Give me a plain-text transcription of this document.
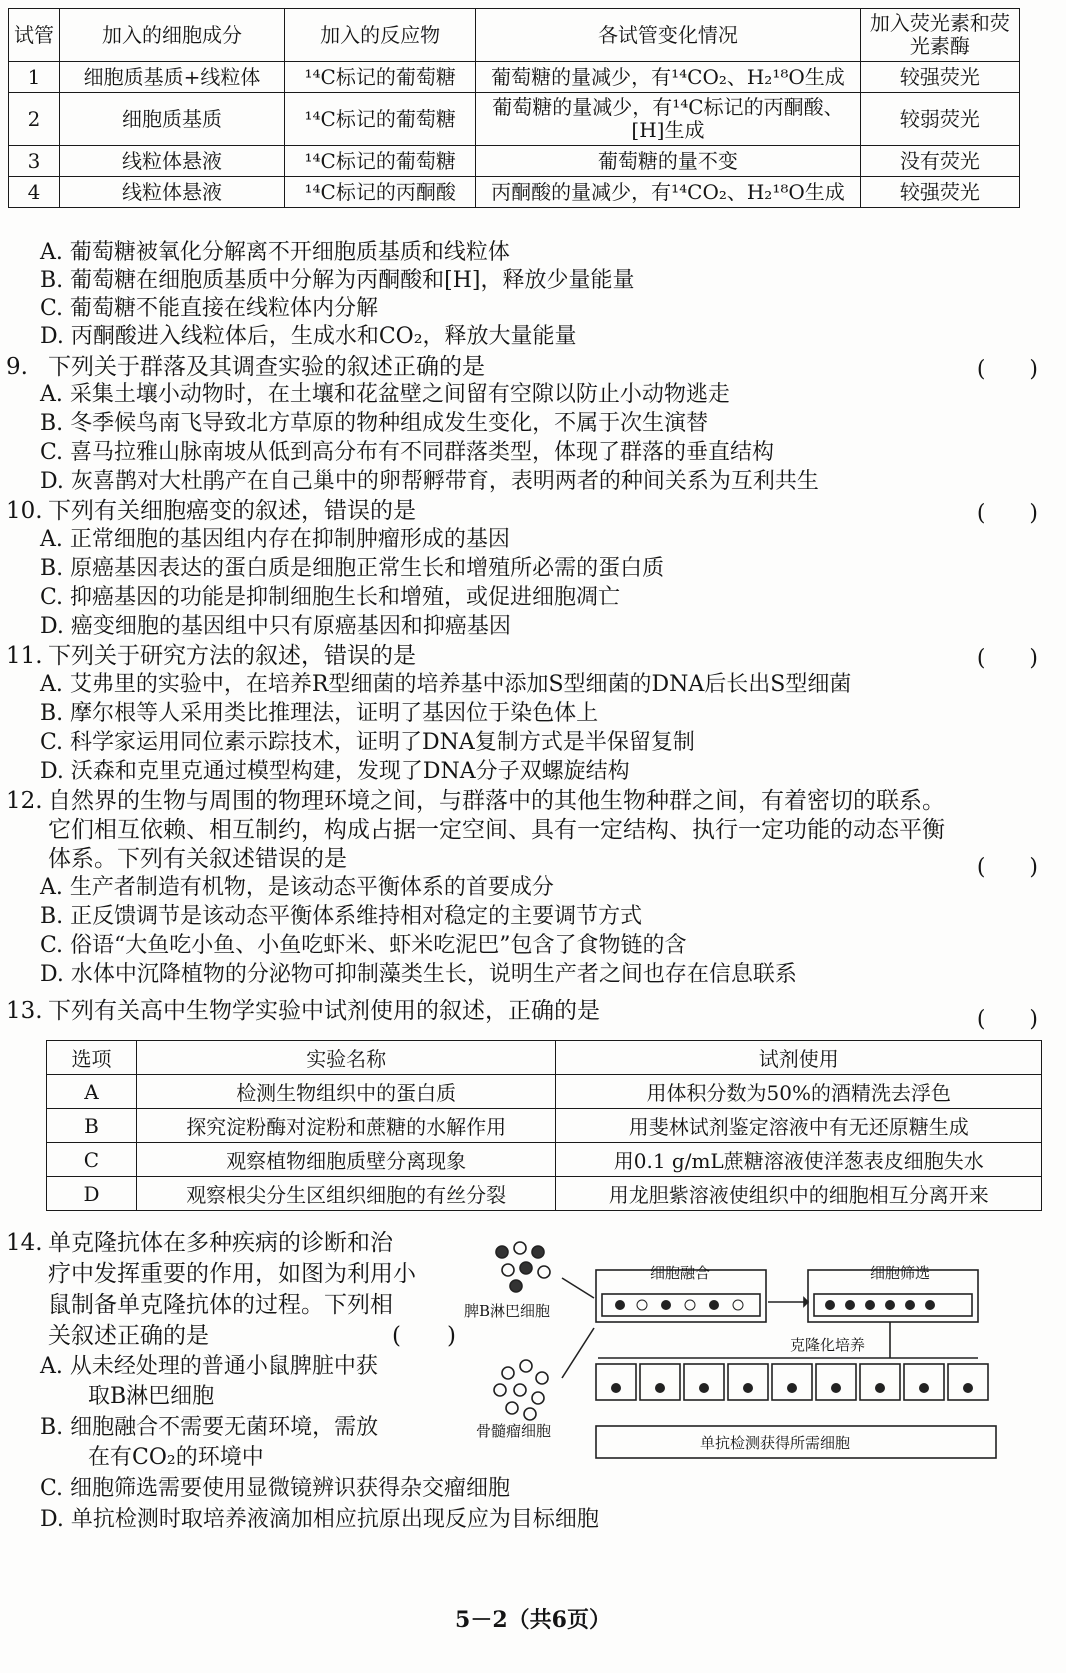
试管	加入的细胞成分	加入的反应物	各试管变化情况	加入荧光素和荧光素酶
1	细胞质基质+线粒体	¹⁴C标记的葡萄糖	葡萄糖的量减少，有¹⁴CO₂、H₂¹⁸O生成	较强荧光
2	细胞质基质	¹⁴C标记的葡萄糖	葡萄糖的量减少，有¹⁴C标记的丙酮酸、[H]生成	较弱荧光
3	线粒体悬液	¹⁴C标记的葡萄糖	葡萄糖的量不变	没有荧光
4	线粒体悬液	¹⁴C标记的丙酮酸	丙酮酸的量减少，有¹⁴CO₂、H₂¹⁸O生成	较强荧光
A. 葡萄糖被氧化分解离不开细胞质基质和线粒体
B. 葡萄糖在细胞质基质中分解为丙酮酸和[H]，释放少量能量
C. 葡萄糖不能直接在线粒体内分解
D. 丙酮酸进入线粒体后，生成水和CO₂，释放大量能量
9. 下列关于群落及其调查实验的叙述正确的是	(　　)
A. 采集土壤小动物时，在土壤和花盆壁之间留有空隙以防止小动物逃走
B. 冬季候鸟南飞导致北方草原的物种组成发生变化，不属于次生演替
C. 喜马拉雅山脉南坡从低到高分布有不同群落类型，体现了群落的垂直结构
D. 灰喜鹊对大杜鹃产在自己巢中的卵帮孵带育，表明两者的种间关系为互利共生
10. 下列有关细胞癌变的叙述，错误的是	(　　)
A. 正常细胞的基因组内存在抑制肿瘤形成的基因
B. 原癌基因表达的蛋白质是细胞正常生长和增殖所必需的蛋白质
C. 抑癌基因的功能是抑制细胞生长和增殖，或促进细胞凋亡
D. 癌变细胞的基因组中只有原癌基因和抑癌基因
11. 下列关于研究方法的叙述，错误的是	(　　)
A. 艾弗里的实验中，在培养R型细菌的培养基中添加S型细菌的DNA后长出S型细菌
B. 摩尔根等人采用类比推理法，证明了基因位于染色体上
C. 科学家运用同位素示踪技术，证明了DNA复制方式是半保留复制
D. 沃森和克里克通过模型构建，发现了DNA分子双螺旋结构
12. 自然界的生物与周围的物理环境之间，与群落中的其他生物种群之间，有着密切的联系。
它们相互依赖、相互制约，构成占据一定空间、具有一定结构、执行一定功能的动态平衡
体系。下列有关叙述错误的是	(　　)
A. 生产者制造有机物，是该动态平衡体系的首要成分
B. 正反馈调节是该动态平衡体系维持相对稳定的主要调节方式
C. 俗语“大鱼吃小鱼、小鱼吃虾米、虾米吃泥巴”包含了食物链的含
D. 水体中沉降植物的分泌物可抑制藻类生长，说明生产者之间也存在信息联系
13. 下列有关高中生物学实验中试剂使用的叙述，正确的是	(　　)
选项	实验名称	试剂使用
A	检测生物组织中的蛋白质	用体积分数为50%的酒精洗去浮色
B	探究淀粉酶对淀粉和蔗糖的水解作用	用斐林试剂鉴定溶液中有无还原糖生成
C	观察植物细胞质壁分离现象	用0.1 g/mL蔗糖溶液使洋葱表皮细胞失水
D	观察根尖分生区组织细胞的有丝分裂	用龙胆紫溶液使组织中的细胞相互分离开来
14. 单克隆抗体在多种疾病的诊断和治
疗中发挥重要的作用，如图为利用小
鼠制备单克隆抗体的过程。下列相
关叙述正确的是	(　　)
A. 从未经处理的普通小鼠脾脏中获
取B淋巴细胞
B. 细胞融合不需要无菌环境，需放
在有CO₂的环境中
C. 细胞筛选需要使用显微镜辨识获得杂交瘤细胞
D. 单抗检测时取培养液滴加相应抗原出现反应为目标细胞
脾B淋巴细胞
骨髓瘤细胞
细胞融合	细胞筛选
克隆化培养
单抗检测获得所需细胞
5－2（共6页）
